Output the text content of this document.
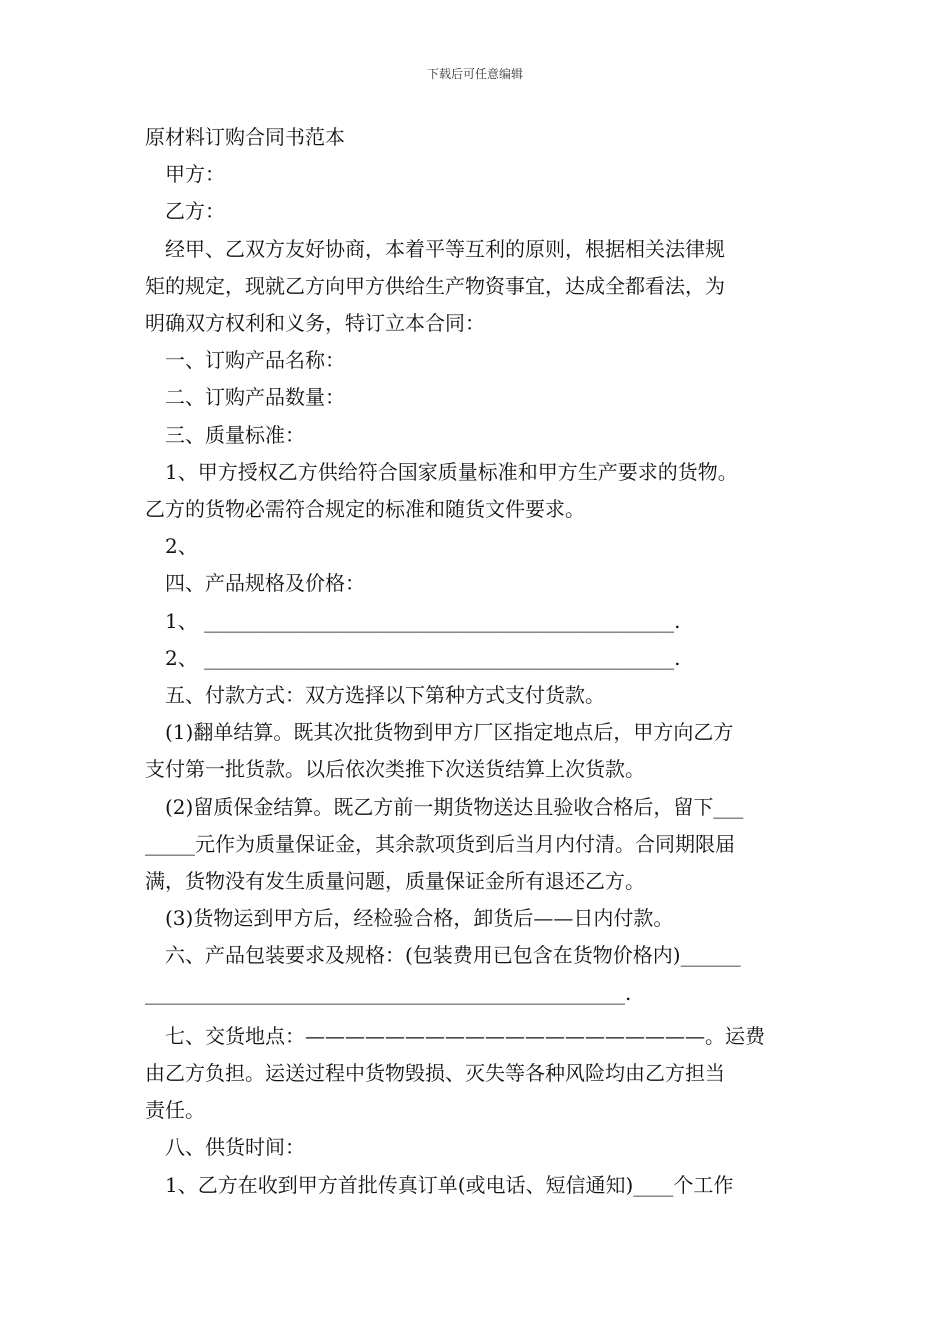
下载后可任意编辑

原材料订购合同书范本

甲方：

乙方：

经甲、乙双方友好协商，本着平等互利的原则，根据相关法律规

矩的规定，现就乙方向甲方供给生产物资事宜，达成全都看法，为

明确双方权利和义务，特订立本合同：

一、订购产品名称：

二、订购产品数量：

三、质量标准：

1、甲方授权乙方供给符合国家质量标准和甲方生产要求的货物。

乙方的货物必需符合规定的标准和随货文件要求。

2、

四、产品规格及价格：

1、 _______________________________________________.

2、 _______________________________________________.

五、付款方式：双方选择以下第种方式支付货款。

(1)翻单结算。既其次批货物到甲方厂区指定地点后，甲方向乙方

支付第一批货款。以后依次类推下次送货结算上次货款。

(2)留质保金结算。既乙方前一期货物送达且验收合格后，留下___

_____元作为质量保证金，其余款项货到后当月内付清。合同期限届

满，货物没有发生质量问题，质量保证金所有退还乙方。

(3)货物运到甲方后，经检验合格，卸货后——日内付款。

六、产品包装要求及规格：(包装费用已包含在货物价格内)______

________________________________________________.

七、交货地点：————————————————————。运费

由乙方负担。运送过程中货物毁损、灭失等各种风险均由乙方担当

责任。

八、供货时间：

1、乙方在收到甲方首批传真订单(或电话、短信通知)____个工作
